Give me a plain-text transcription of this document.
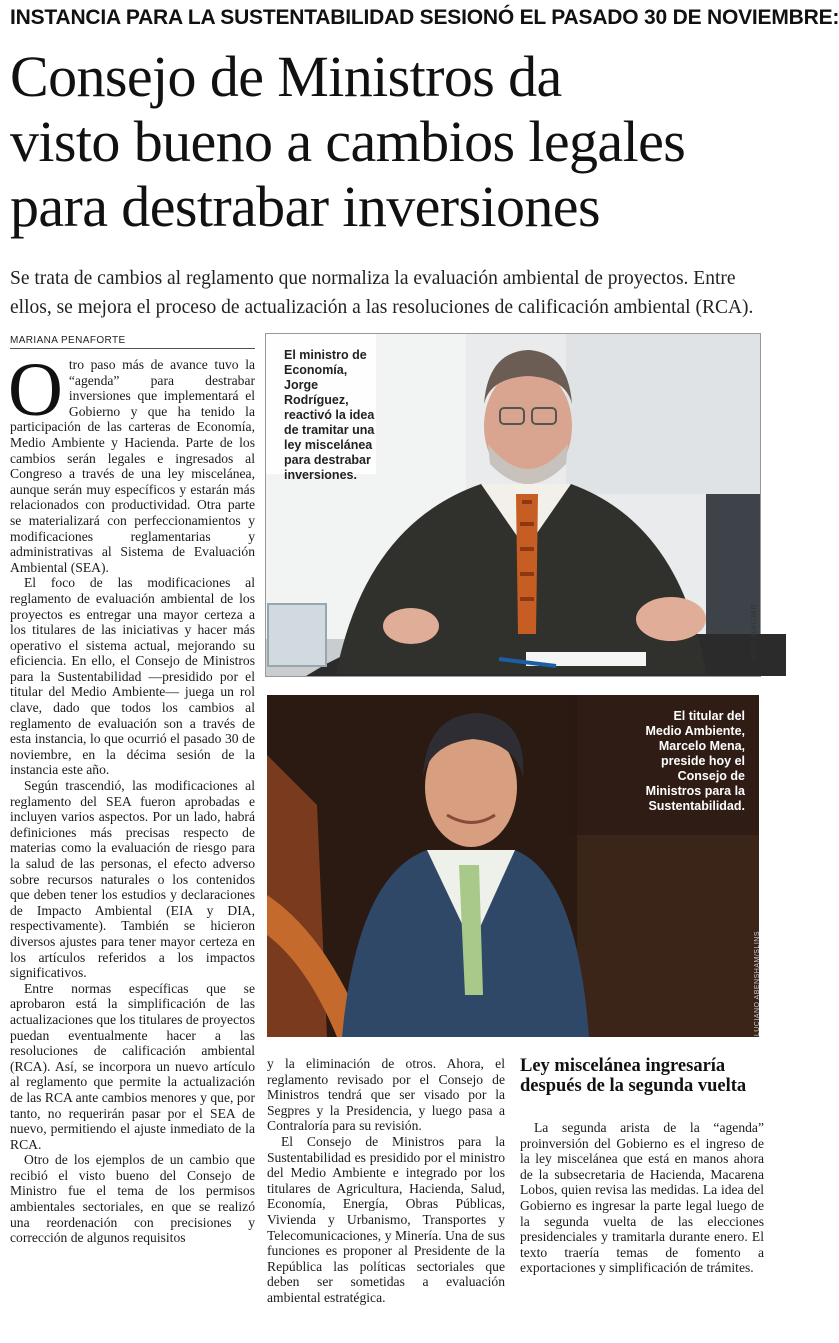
INSTANCIA PARA LA SUSTENTABILIDAD SESIONÓ EL PASADO 30 DE NOVIEMBRE:
Consejo de Ministros da
visto bueno a cambios legales
para destrabar inversiones
Se trata de cambios al reglamento que normaliza la evaluación ambiental de proyectos. Entre ellos, se mejora el proceso de actualización a las resoluciones de calificación ambiental (RCA).
MARIANA PENAFORTE

Otro paso más de avance tuvo la “agenda” para destrabar inversiones que implementará el Gobierno y que ha tenido la participación de las carteras de Economía, Medio Ambiente y Hacienda. Parte de los cambios serán legales e ingresados al Congreso a través de una ley miscelánea, aunque serán muy específicos y estarán más relacionados con productividad. Otra parte se materializará con perfeccionamientos y modificaciones reglamentarias y administrativas al Sistema de Evaluación Ambiental (SEA).

El foco de las modificaciones al reglamento de evaluación ambiental de los proyectos es entregar una mayor certeza a los titulares de las iniciativas y hacer más operativo el sistema actual, mejorando su eficiencia. En ello, el Consejo de Ministros para la Sustentabilidad —presidido por el titular del Medio Ambiente— juega un rol clave, dado que todos los cambios al reglamento de evaluación son a través de esta instancia, lo que ocurrió el pasado 30 de noviembre, en la décima sesión de la instancia este año.

Según trascendió, las modificaciones al reglamento del SEA fueron aprobadas e incluyen varios aspectos. Por un lado, habrá definiciones más precisas respecto de materias como la evaluación de riesgo para la salud de las personas, el efecto adverso sobre recursos naturales o los contenidos que deben tener los estudios y declaraciones de Impacto Ambiental (EIA y DIA, respectivamente). También se hicieron diversos ajustes para tener mayor certeza en los artículos referidos a los impactos significativos.

Entre normas específicas que se aprobaron está la simplificación de las actualizaciones que los titulares de proyectos puedan eventualmente hacer a las resoluciones de calificación ambiental (RCA). Así, se incorpora un nuevo artículo al reglamento que permite la actualización de las RCA ante cambios menores y que, por tanto, no requerirán pasar por el SEA de nuevo, permitiendo el ajuste inmediato de la RCA.

Otro de los ejemplos de un cambio que recibió el visto bueno del Consejo de Ministro fue el tema de los permisos ambientales sectoriales, en que se realizó una reordenación con precisiones y corrección de algunos requisitos

El ministro de Economía, Jorge Rodríguez, reactivó la idea de tramitar una ley miscelánea para destrabar inversiones.
JOSÉ ALVUJAR
El titular del Medio Ambiente, Marcelo Mena, preside hoy el Consejo de Ministros para la Sustentabilidad.
LUCIANO ABENSHAM/SLINS

y la eliminación de otros. Ahora, el reglamento revisado por el Consejo de Ministros tendrá que ser visado por la Segpres y la Presidencia, y luego pasa a Contraloría para su revisión.

El Consejo de Ministros para la Sustentabilidad es presidido por el ministro del Medio Ambiente e integrado por los titulares de Agricultura, Hacienda, Salud, Economía, Energía, Obras Públicas, Vivienda y Urbanismo, Transportes y Telecomunicaciones, y Minería. Una de sus funciones es proponer al Presidente de la República las políticas sectoriales que deben ser sometidas a evaluación ambiental estratégica.

Ley miscelánea ingresaría después de la segunda vuelta

La segunda arista de la “agenda” proinversión del Gobierno es el ingreso de la ley miscelánea que está en manos ahora de la subsecretaria de Hacienda, Macarena Lobos, quien revisa las medidas. La idea del Gobierno es ingresar la parte legal luego de la segunda vuelta de las elecciones presidenciales y tramitarla durante enero. El texto traería temas de fomento a exportaciones y simplificación de trámites.
